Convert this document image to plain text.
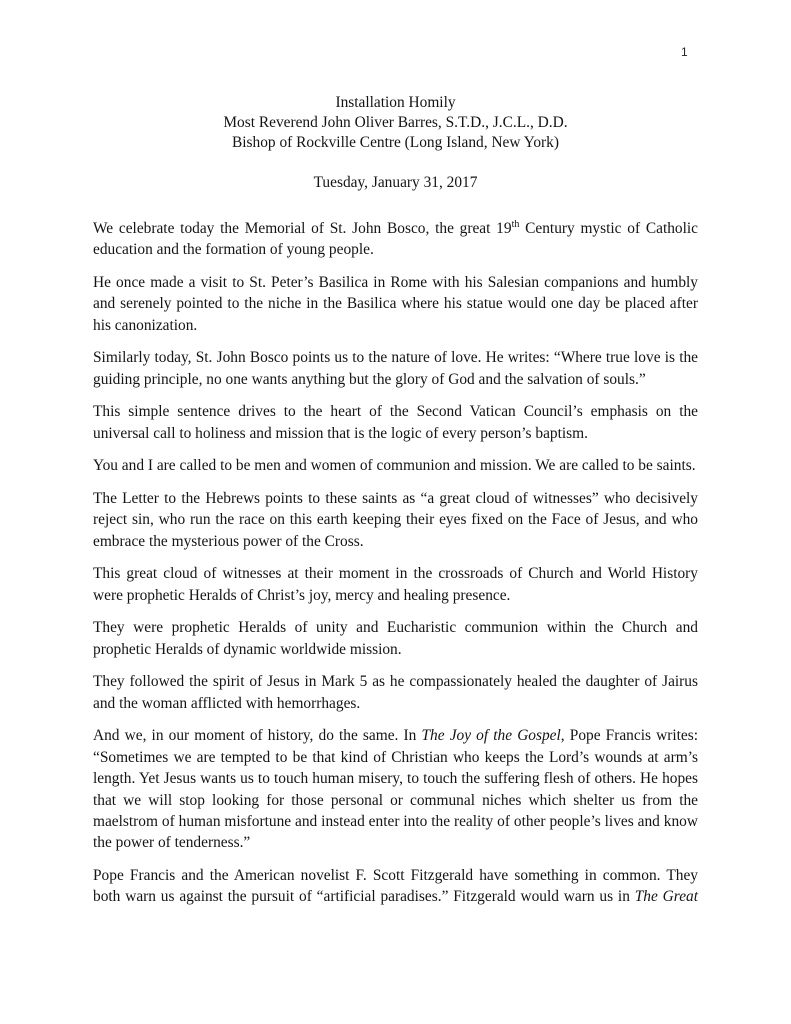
1
Installation Homily
Most Reverend John Oliver Barres, S.T.D., J.C.L., D.D.
Bishop of Rockville Centre (Long Island, New York)
Tuesday, January 31, 2017

We celebrate today the Memorial of St. John Bosco, the great 19th Century mystic of Catholic education and the formation of young people.

He once made a visit to St. Peter’s Basilica in Rome with his Salesian companions and humbly and serenely pointed to the niche in the Basilica where his statue would one day be placed after his canonization.

Similarly today, St. John Bosco points us to the nature of love. He writes: “Where true love is the guiding principle, no one wants anything but the glory of God and the salvation of souls.”

This simple sentence drives to the heart of the Second Vatican Council’s emphasis on the universal call to holiness and mission that is the logic of every person’s baptism.

You and I are called to be men and women of communion and mission. We are called to be saints.

The Letter to the Hebrews points to these saints as “a great cloud of witnesses” who decisively reject sin, who run the race on this earth keeping their eyes fixed on the Face of Jesus, and who embrace the mysterious power of the Cross.

This great cloud of witnesses at their moment in the crossroads of Church and World History were prophetic Heralds of Christ’s joy, mercy and healing presence.

They were prophetic Heralds of unity and Eucharistic communion within the Church and prophetic Heralds of dynamic worldwide mission.

They followed the spirit of Jesus in Mark 5 as he compassionately healed the daughter of Jairus and the woman afflicted with hemorrhages.

And we, in our moment of history, do the same. In The Joy of the Gospel, Pope Francis writes: “Sometimes we are tempted to be that kind of Christian who keeps the Lord’s wounds at arm’s length. Yet Jesus wants us to touch human misery, to touch the suffering flesh of others. He hopes that we will stop looking for those personal or communal niches which shelter us from the maelstrom of human misfortune and instead enter into the reality of other people’s lives and know the power of tenderness.”

Pope Francis and the American novelist F. Scott Fitzgerald have something in common. They both warn us against the pursuit of “artificial paradises.” Fitzgerald would warn us in The Great
